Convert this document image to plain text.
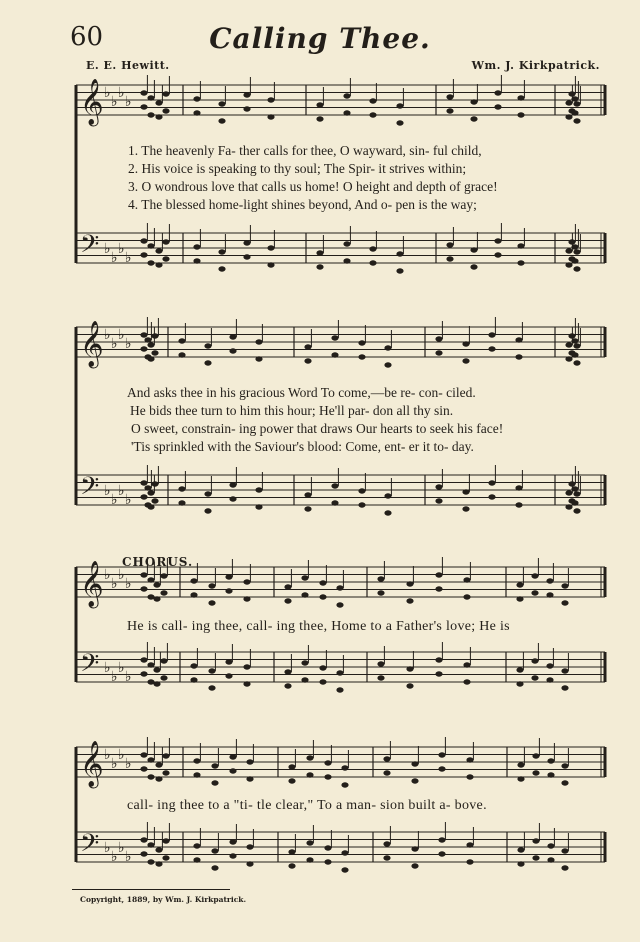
60	Calling Thee.
E. E. Hewitt.	Wm. J. Kirkpatrick.
𝄞
𝄢
♭
♭
♭
♭
♭
♭
♭
♭
𝄞
𝄢
♭
♭
♭
♭
♭
♭
♭
♭
𝄞
𝄢
♭
♭
♭
♭
♭
♭
♭
♭
𝄞
𝄢
♭
♭
♭
♭
♭
♭
♭
♭
1. The heavenly Fa- ther calls for thee, O wayward, sin- ful child,
2. His voice is speaking to thy soul; The Spir- it strives within;
3. O wondrous love that calls us home! O height and depth of grace!
4. The blessed home-light shines beyond, And o- pen is the way;
And asks thee in his gracious Word To come,—be re- con- ciled.
He bids thee turn to him this hour; He'll par- don all thy sin.
O sweet, constrain- ing power that draws Our hearts to seek his face!
'Tis sprinkled with the Saviour's blood: Come, ent- er it to- day.
CHORUS.
He is call- ing thee, call- ing thee, Home to a Father's love; He is
call- ing thee to a "ti- tle clear," To a man- sion built a- bove.
Copyright, 1889, by Wm. J. Kirkpatrick.
